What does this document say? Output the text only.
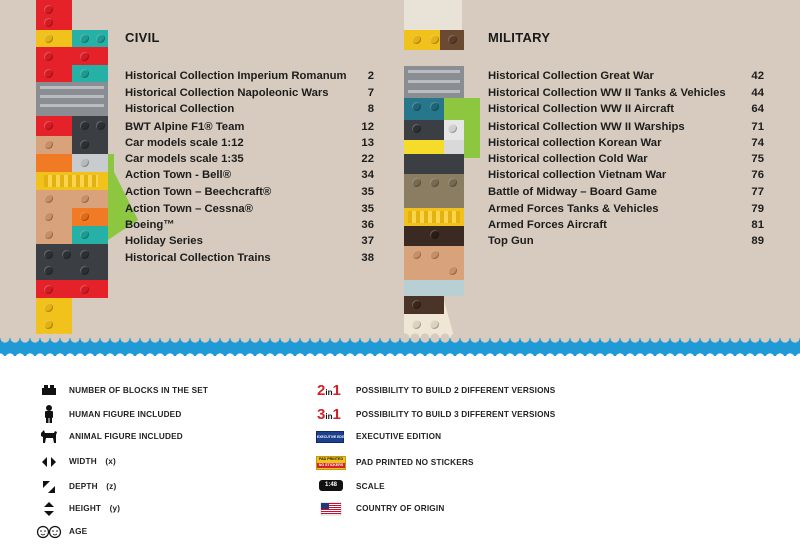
CIVIL
Historical Collection Imperium Romanum	2
Historical Collection Napoleonic Wars	7
Historical Collection	8
BWT Alpine F1® Team	12
Car models scale 1:12	13
Car models scale 1:35	22
Action Town - Bell®	34
Action Town – Beechcraft®	35
Action Town – Cessna®	35
Boeing™	36
Holiday Series	37
Historical Collection Trains	38
MILITARY
Historical Collection Great War	42
Historical Collection WW II Tanks & Vehicles	44
Historical Collection WW II Aircraft	64
Historical Collection WW II Warships	71
Historical collection Korean War	74
Historical collection Cold War	75
Historical collection Vietnam War	76
Battle of Midway – Board Game	77
Armed Forces Tanks & Vehicles	79
Armed Forces Aircraft	81
Top Gun	89
NUMBER OF BLOCKS IN THE SET
HUMAN FIGURE INCLUDED
ANIMAL FIGURE INCLUDED
WIDTH (x)
DEPTH (z)
HEIGHT (y)
AGE
2in1 POSSIBILITY TO BUILD 2 DIFFERENT VERSIONS
3in1 POSSIBILITY TO BUILD 3 DIFFERENT VERSIONS
EXECUTIVE EDITION EXECUTIVE EDITION
PAD PRINTED
NO STICKERS PAD PRINTED NO STICKERS
1:48	SCALE
COUNTRY OF ORIGIN
